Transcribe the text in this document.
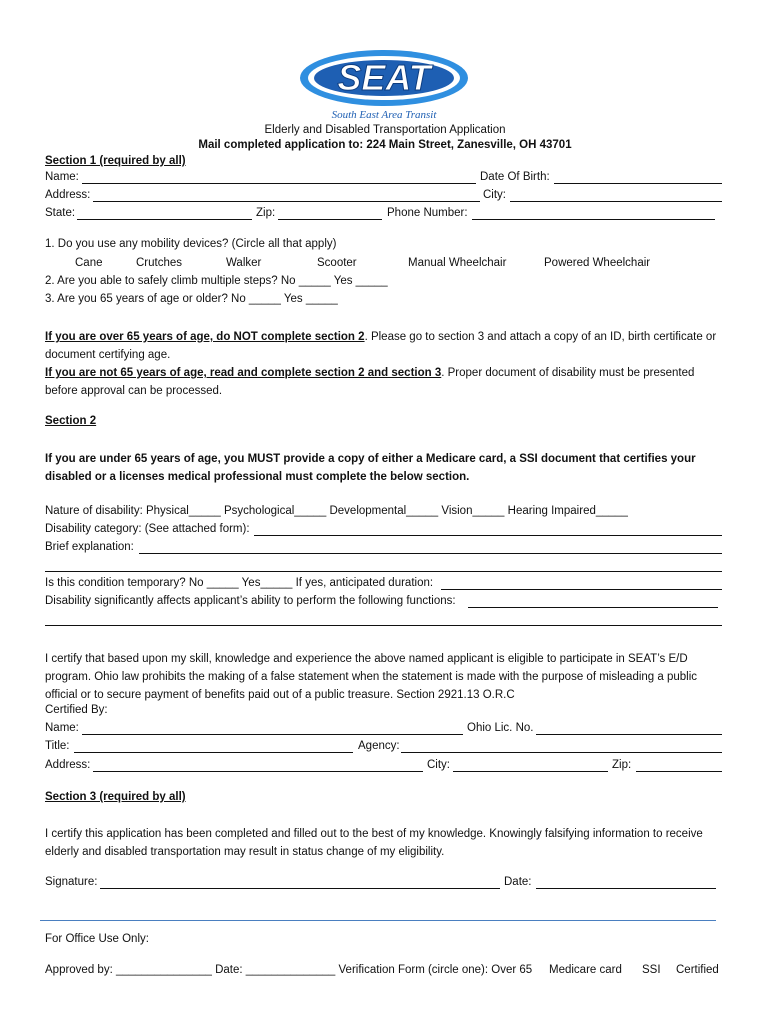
SEAT
South East Area Transit
Elderly and Disabled Transportation Application
Mail completed application to: 224 Main Street, Zanesville, OH 43701
Section 1 (required by all)
Name:	Date Of Birth:
Address:	City:
State:	Zip:	Phone Number:
1. Do you use any mobility devices? (Circle all that apply)
Cane	Crutches	Walker	Scooter	Manual Wheelchair	Powered Wheelchair
2. Are you able to safely climb multiple steps? No _____ Yes _____
3. Are you 65 years of age or older? No _____ Yes _____
If you are over 65 years of age, do NOT complete section 2. Please go to section 3 and attach a copy of an ID, birth certificate or document certifying age.
If you are not 65 years of age, read and complete section 2 and section 3. Proper document of disability must be presented before approval can be processed.
Section 2
If you are under 65 years of age, you MUST provide a copy of either a Medicare card, a SSI document that certifies your disabled or a licenses medical professional must complete the below section.
Nature of disability: Physical_____ Psychological_____ Developmental_____ Vision_____ Hearing Impaired_____
Disability category: (See attached form):
Brief explanation:
Is this condition temporary? No _____ Yes_____ If yes, anticipated duration:
Disability significantly affects applicant’s ability to perform the following functions:
I certify that based upon my skill, knowledge and experience the above named applicant is eligible to participate in SEAT’s E/D program. Ohio law prohibits the making of a false statement when the statement is made with the purpose of misleading a public official or to secure payment of benefits paid out of a public treasure. Section 2921.13 O.R.C
Certified By:
Name:	Ohio Lic. No.
Title:	Agency:
Address:	City:	Zip:
Section 3 (required by all)
I certify this application has been completed and filled out to the best of my knowledge. Knowingly falsifying information to receive elderly and disabled transportation may result in status change of my eligibility.
Signature:	Date:
For Office Use Only:
Approved by: _______________ Date: ______________ Verification Form (circle one): Over 65 Medicare card SSI Certified
